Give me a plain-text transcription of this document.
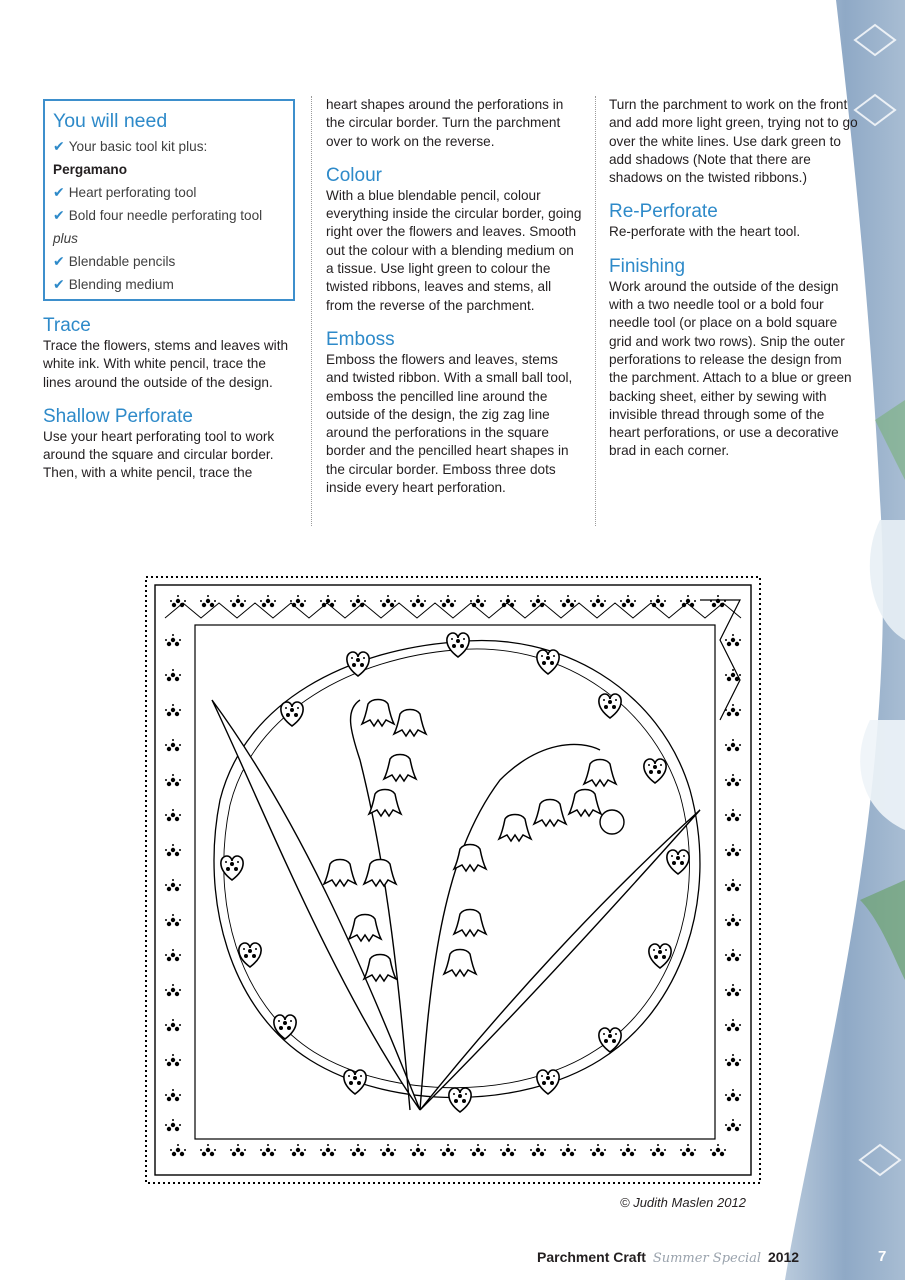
You will need
✔ Your basic tool kit plus:
Pergamano
✔ Heart perforating tool
✔ Bold four needle perforating tool
plus
✔ Blendable pencils
✔ Blending medium
Trace

Trace the flowers, stems and leaves with white ink. With white pencil, trace the lines around the outside of the design.

Shallow Perforate

Use your heart perforating tool to work around the square and circular border. Then, with a white pencil, trace the

heart shapes around the perforations in the circular border. Turn the parchment over to work on the reverse.

Colour

With a blue blendable pencil, colour everything inside the circular border, going right over the flowers and leaves. Smooth out the colour with a blending medium on a tissue. Use light green to colour the twisted ribbons, leaves and stems, all from the reverse of the parchment.

Emboss

Emboss the flowers and leaves, stems and twisted ribbon. With a small ball tool, emboss the pencilled line around the outside of the design, the zig zag line around the perforations in the square border and the pencilled heart shapes in the circular border. Emboss three dots inside every heart perforation.

Turn the parchment to work on the front and add more light green, trying not to go over the white lines. Use dark green to add shadows (Note that there are shadows on the twisted ribbons.)

Re-Perforate

Re-perforate with the heart tool.

Finishing

Work around the outside of the design with a two needle tool or a bold four needle tool (or place on a bold square grid and work two rows). Snip the outer perforations to release the design from the parchment. Attach to a blue or green backing sheet, either by sewing with invisible thread through some of the heart perforations, or use a decorative brad in each corner.

© Judith Maslen 2012
Parchment Craft Summer Special 2012	7
